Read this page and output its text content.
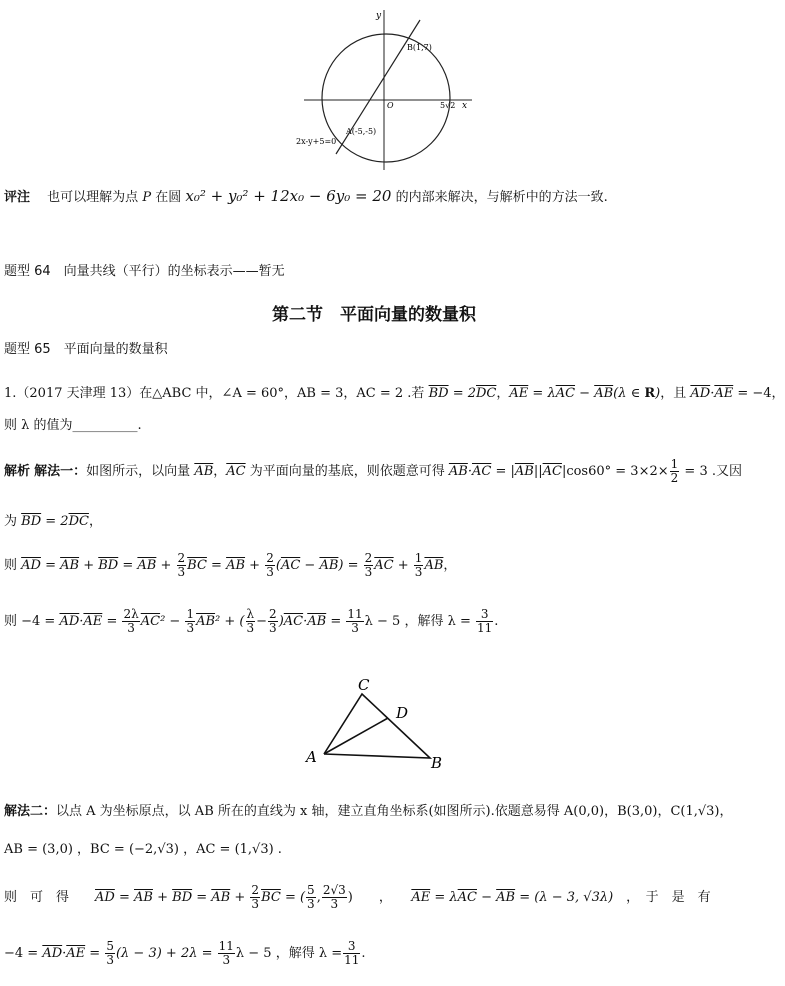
y
x
O
B(1,7)
5√2
A(-5,-5)
2x-y+5=0
评注　 也可以理解为点 P 在圆 x₀² + y₀² + 12x₀ − 6y₀ = 20 的内部来解决，与解析中的方法一致.
题型 64　向量共线（平行）的坐标表示——暂无
第二节　平面向量的数量积
题型 65　平面向量的数量积
1.（2017 天津理 13）在△ABC 中，∠A = 60°，AB = 3，AC = 2 .若 $\overline{BD} = 2\overline{DC}$，$\overline{AE} = \lambda\overline{AC} - \overline{AB}(\lambda$ ∈ R)，且 $\overline{AD}\cdot\overline{AE} = -4$，
则 λ 的值为__________.
解析 解法一：如图所示，以向量 $\overline{AB}$，$\overline{AC}$ 为平面向量的基底，则依题意可得 $\overline{AB}\cdot\overline{AC} = |\overline{AB}||\overline{AC}|\cos 60^\circ = 3\times 2\times \frac{1}{2} = 3$ .又因
为 $\overline{BD} = 2\overline{DC}$，
则 $\overline{AD} = \overline{AB} + \overline{BD} = \overline{AB} + \frac{2}{3} \overline{BC} = \overline{AB} + \frac{2}{3} (\overline{AC} - \overline{AB}) = \frac{2}{3} \overline{AC} + \frac{1}{3} \overline{AB}$，
则 $-4 = \overline{AD}\cdot\overline{AE} = \frac{2\lambda}{3} \overline{AC}^2 - \frac{1}{3} \overline{AB}^2$ + ( $\frac{\lambda}{3} - \frac{2}{3} )\overline{AC}\cdot\overline{AB} = \frac{11}{3}$ λ − 5 ，解得 $\lambda = \frac{3}{11}$ .
A	B
C
D
解法二：以点 A 为坐标原点，以 AB 所在的直线为 x 轴，建立直角坐标系(如图所示).依题意易得 A(0,0)，B(3,0)，C(1,√3)，
AB = (3,0) ，BC = (−2,√3) ，AC = (1,√3) .
则　可　得　　 $\overline{AD} = \overline{AB} + \overline{BD} = \overline{AB} + \frac{2}{3} \overline{BC}$ = ( $\frac{5}{3}$ , $\frac{2√3}{3}$ )　　，　　 $\overline{AE} = \lambda\overline{AC} - \overline{AB} = (\lambda - 3$, √3λ)　 ，　于　是　有
$-4 = \overline{AD}\cdot\overline{AE} = \frac{5}{3} (\lambda - 3) + 2\lambda = \frac{11}{3}$ λ − 5 ，解得 $\lambda = \frac{3}{11}$ .
